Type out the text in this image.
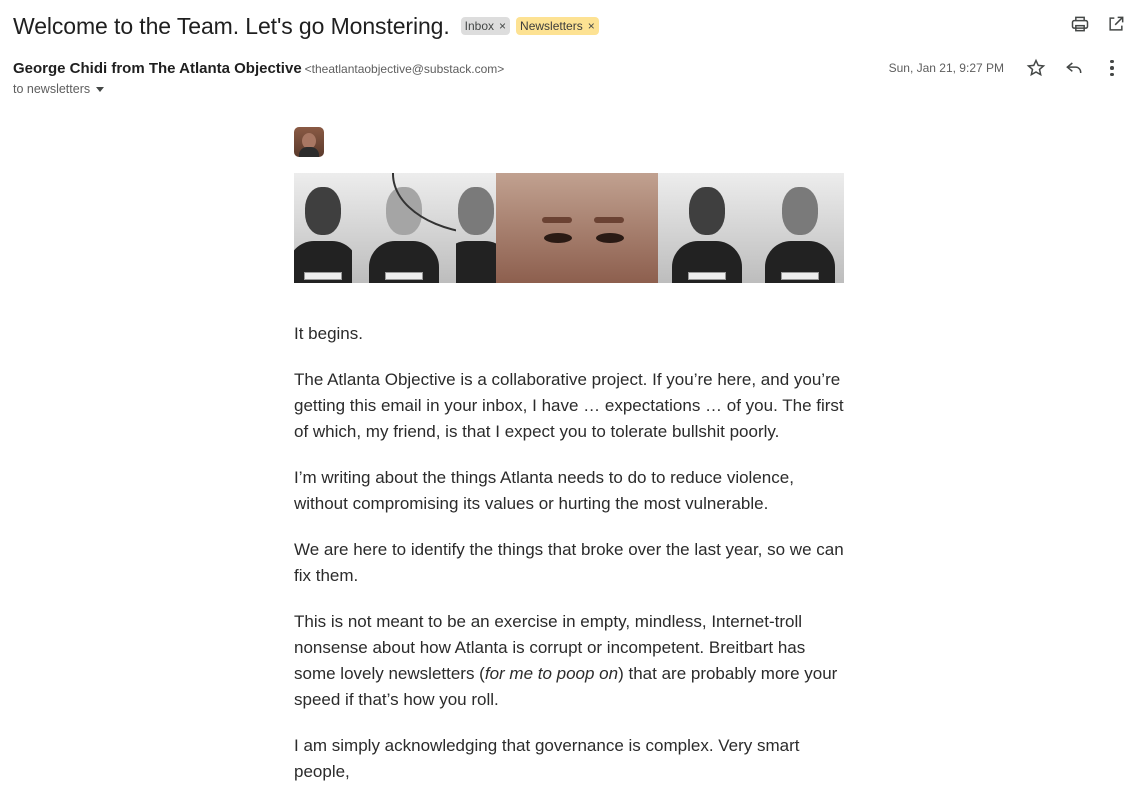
Welcome to the Team. Let's go Monstering. Inbox × Newsletters ×
George Chidi from The Atlanta Objective <theatlantaobjective@substack.com>
to newsletters
Sun, Jan 21, 9:27 PM

It begins.

The Atlanta Objective is a collaborative project. If you’re here, and you’re getting this email in your inbox, I have … expectations … of you. The first of which, my friend, is that I expect you to tolerate bullshit poorly.

I’m writing about the things Atlanta needs to do to reduce violence, without compromising its values or hurting the most vulnerable.

We are here to identify the things that broke over the last year, so we can fix them.

This is not meant to be an exercise in empty, mindless, Internet-troll nonsense about how Atlanta is corrupt or incompetent. Breitbart has some lovely newsletters (for me to poop on) that are probably more your speed if that’s how you roll.

I am simply acknowledging that governance is complex. Very smart people,
